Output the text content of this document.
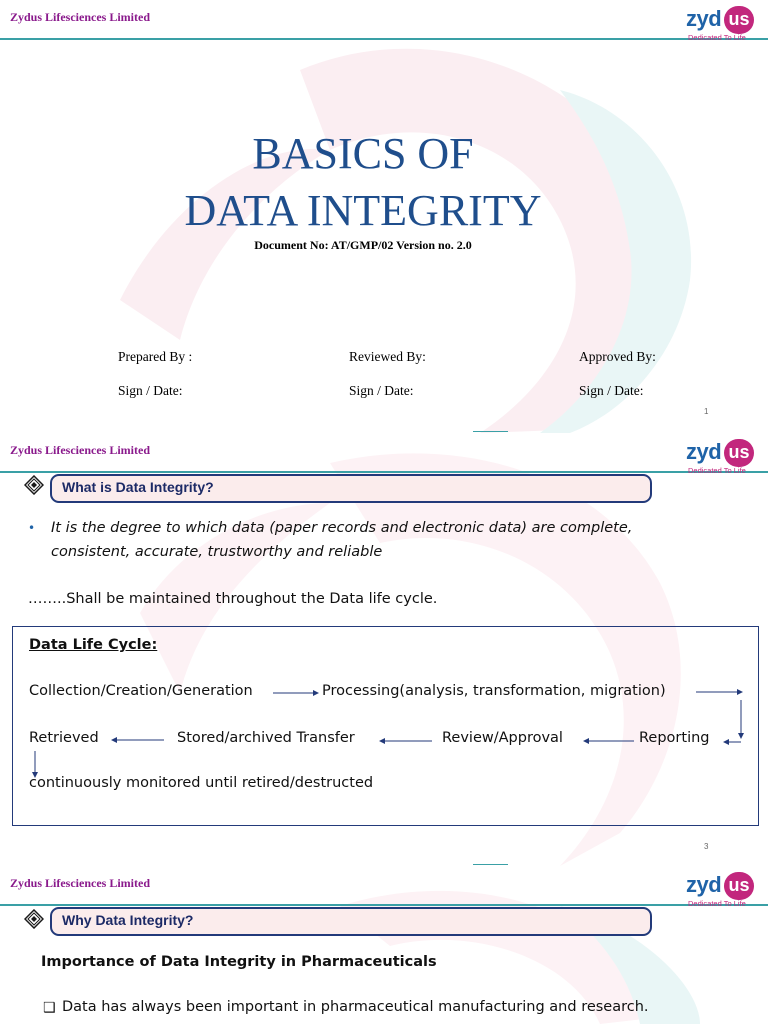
Zydus Lifesciences Limited	zyd us
Dedicated To Life
BASICS OF
DATA INTEGRITY
Document No: AT/GMP/02 Version no. 2.0
Prepared By :	Reviewed By:	Approved By:
Sign / Date:	Sign / Date:	Sign / Date:
1
Zydus Lifesciences Limited	zyd us
Dedicated To Life
What is Data Integrity?
• It is the degree to which data (paper records and electronic data) are complete,
consistent, accurate, trustworthy and reliable
……..Shall be maintained throughout the Data life cycle.
Data Life Cycle:
Collection/Creation/Generation	Processing(analysis, transformation, migration)
Retrieved	Stored/archived Transfer	Review/Approval	Reporting
continuously monitored until retired/destructed
3
Zydus Lifesciences Limited	zyd us
Dedicated To Life
Why Data Integrity?
Importance of Data Integrity in Pharmaceuticals
❑ Data has always been important in pharmaceutical manufacturing and research.
